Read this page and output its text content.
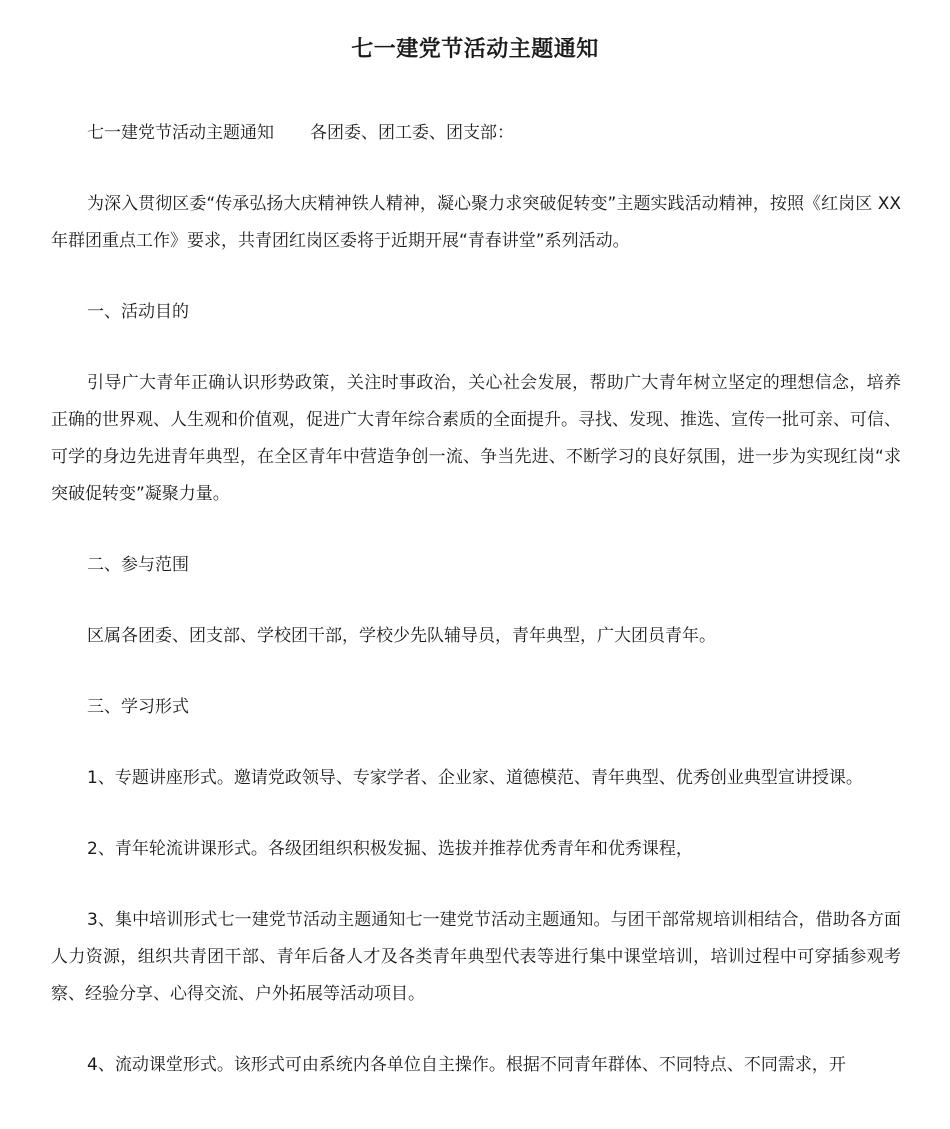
七一建党节活动主题通知

七一建党节活动主题通知 各团委、团工委、团支部：

为深入贯彻区委“传承弘扬大庆精神铁人精神，凝心聚力求突破促转变”主题实践活动精神，按照《红岗区 XX 年群团重点工作》要求，共青团红岗区委将于近期开展“青春讲堂”系列活动。

一、活动目的

引导广大青年正确认识形势政策，关注时事政治，关心社会发展，帮助广大青年树立坚定的理想信念，培养正确的世界观、人生观和价值观，促进广大青年综合素质的全面提升。寻找、发现、推选、宣传一批可亲、可信、可学的身边先进青年典型，在全区青年中营造争创一流、争当先进、不断学习的良好氛围，进一步为实现红岗“求突破促转变”凝聚力量。

二、参与范围

区属各团委、团支部、学校团干部，学校少先队辅导员，青年典型，广大团员青年。

三、学习形式

1、专题讲座形式。邀请党政领导、专家学者、企业家、道德模范、青年典型、优秀创业典型宣讲授课。

2、青年轮流讲课形式。各级团组织积极发掘、选拔并推荐优秀青年和优秀课程，

3、集中培训形式七一建党节活动主题通知七一建党节活动主题通知。与团干部常规培训相结合，借助各方面人力资源，组织共青团干部、青年后备人才及各类青年典型代表等进行集中课堂培训，培训过程中可穿插参观考察、经验分享、心得交流、户外拓展等活动项目。

4、流动课堂形式。该形式可由系统内各单位自主操作。根据不同青年群体、不同特点、不同需求，开
